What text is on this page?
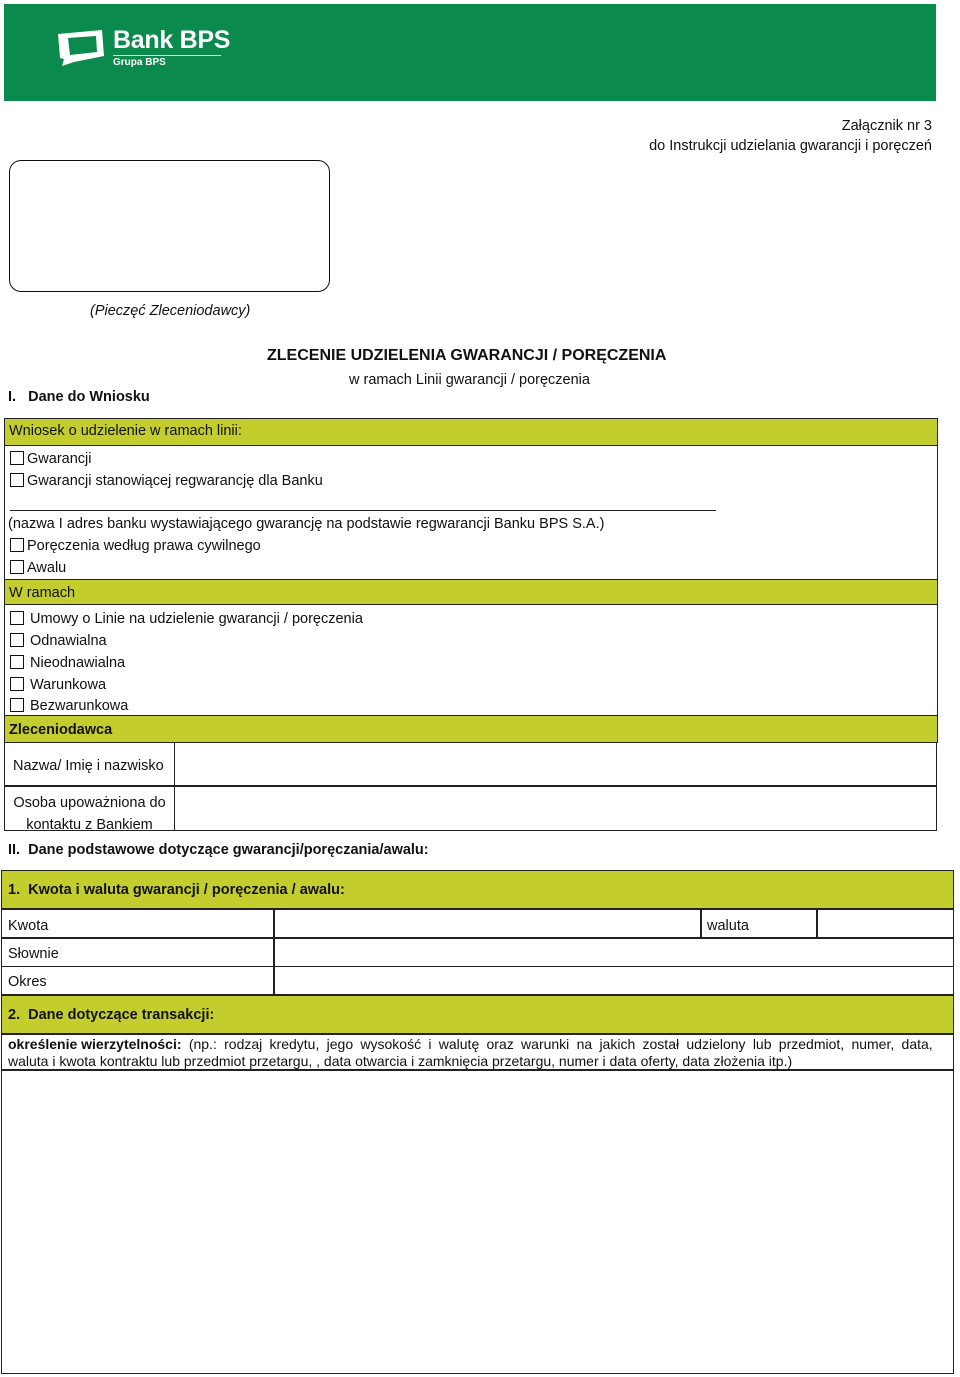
Bank BPS
Grupa BPS
Załącznik nr 3
do Instrukcji udzielania gwarancji i poręczeń
(Pieczęć Zleceniodawcy)
ZLECENIE UDZIELENIA GWARANCJI / PORĘCZENIA
w ramach Linii gwarancji / poręczenia
I.   Dane do Wniosku
Wniosek o udzielenie w ramach linii:
Gwarancji
Gwarancji stanowiącej regwarancję dla Banku
(nazwa I adres banku wystawiającego gwarancję na podstawie regwarancji Banku BPS S.A.)
Poręczenia według prawa cywilnego
Awalu
W ramach
Umowy o Linie na udzielenie gwarancji / poręczenia
Odnawialna
Nieodnawialna
Warunkowa
Bezwarunkowa
Zleceniodawca
Nazwa/ Imię i nazwisko
Osoba upoważniona do
kontaktu z Bankiem
II.  Dane podstawowe dotyczące gwarancji/poręczania/awalu:
1.  Kwota i waluta gwarancji / poręczenia / awalu:
Kwota	waluta
Słownie
Okres
2.  Dane dotyczące transakcji:
określenie wierzytelności: (np.: rodzaj kredytu, jego wysokość i walutę oraz warunki na jakich został udzielony lub przedmiot, numer, data,
waluta i kwota kontraktu lub przedmiot przetargu, , data otwarcia i zamknięcia przetargu, numer i data oferty, data złożenia itp.)
